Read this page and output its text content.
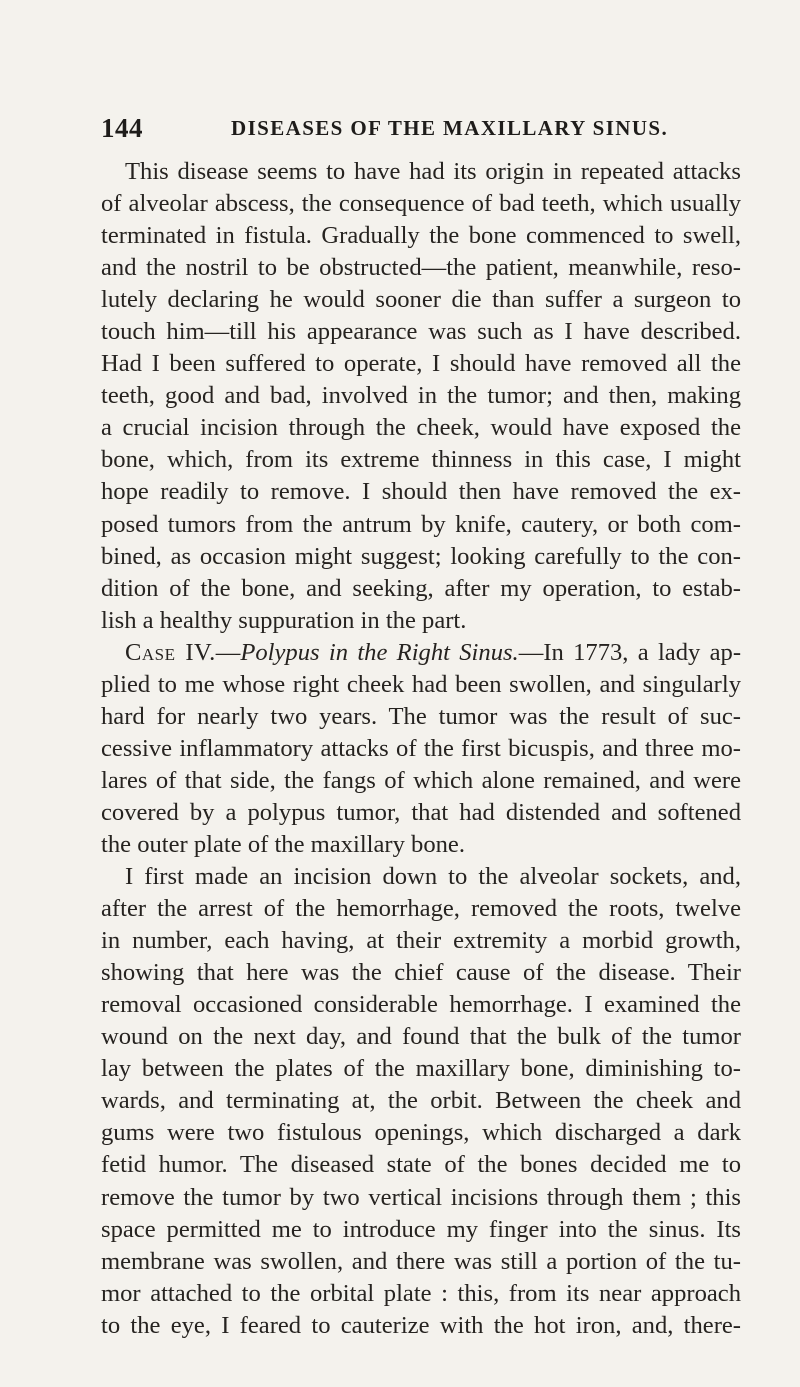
144	DISEASES OF THE MAXILLARY SINUS.
This disease seems to have had its origin in repeated attacks
of alveolar abscess, the consequence of bad teeth, which usually
terminated in fistula. Gradually the bone commenced to swell,
and the nostril to be obstructed—the patient, meanwhile, reso-
lutely declaring he would sooner die than suffer a surgeon to
touch him—till his appearance was such as I have described.
Had I been suffered to operate, I should have removed all the
teeth, good and bad, involved in the tumor; and then, making
a crucial incision through the cheek, would have exposed the
bone, which, from its extreme thinness in this case, I might
hope readily to remove. I should then have removed the ex-
posed tumors from the antrum by knife, cautery, or both com-
bined, as occasion might suggest; looking carefully to the con-
dition of the bone, and seeking, after my operation, to estab-
lish a healthy suppuration in the part.
Case IV.—Polypus in the Right Sinus.—In 1773, a lady ap-
plied to me whose right cheek had been swollen, and singularly
hard for nearly two years. The tumor was the result of suc-
cessive inflammatory attacks of the first bicuspis, and three mo-
lares of that side, the fangs of which alone remained, and were
covered by a polypus tumor, that had distended and softened
the outer plate of the maxillary bone.
I first made an incision down to the alveolar sockets, and,
after the arrest of the hemorrhage, removed the roots, twelve
in number, each having, at their extremity a morbid growth,
showing that here was the chief cause of the disease. Their
removal occasioned considerable hemorrhage. I examined the
wound on the next day, and found that the bulk of the tumor
lay between the plates of the maxillary bone, diminishing to-
wards, and terminating at, the orbit. Between the cheek and
gums were two fistulous openings, which discharged a dark
fetid humor. The diseased state of the bones decided me to
remove the tumor by two vertical incisions through them ; this
space permitted me to introduce my finger into the sinus. Its
membrane was swollen, and there was still a portion of the tu-
mor attached to the orbital plate : this, from its near approach
to the eye, I feared to cauterize with the hot iron, and, there-
